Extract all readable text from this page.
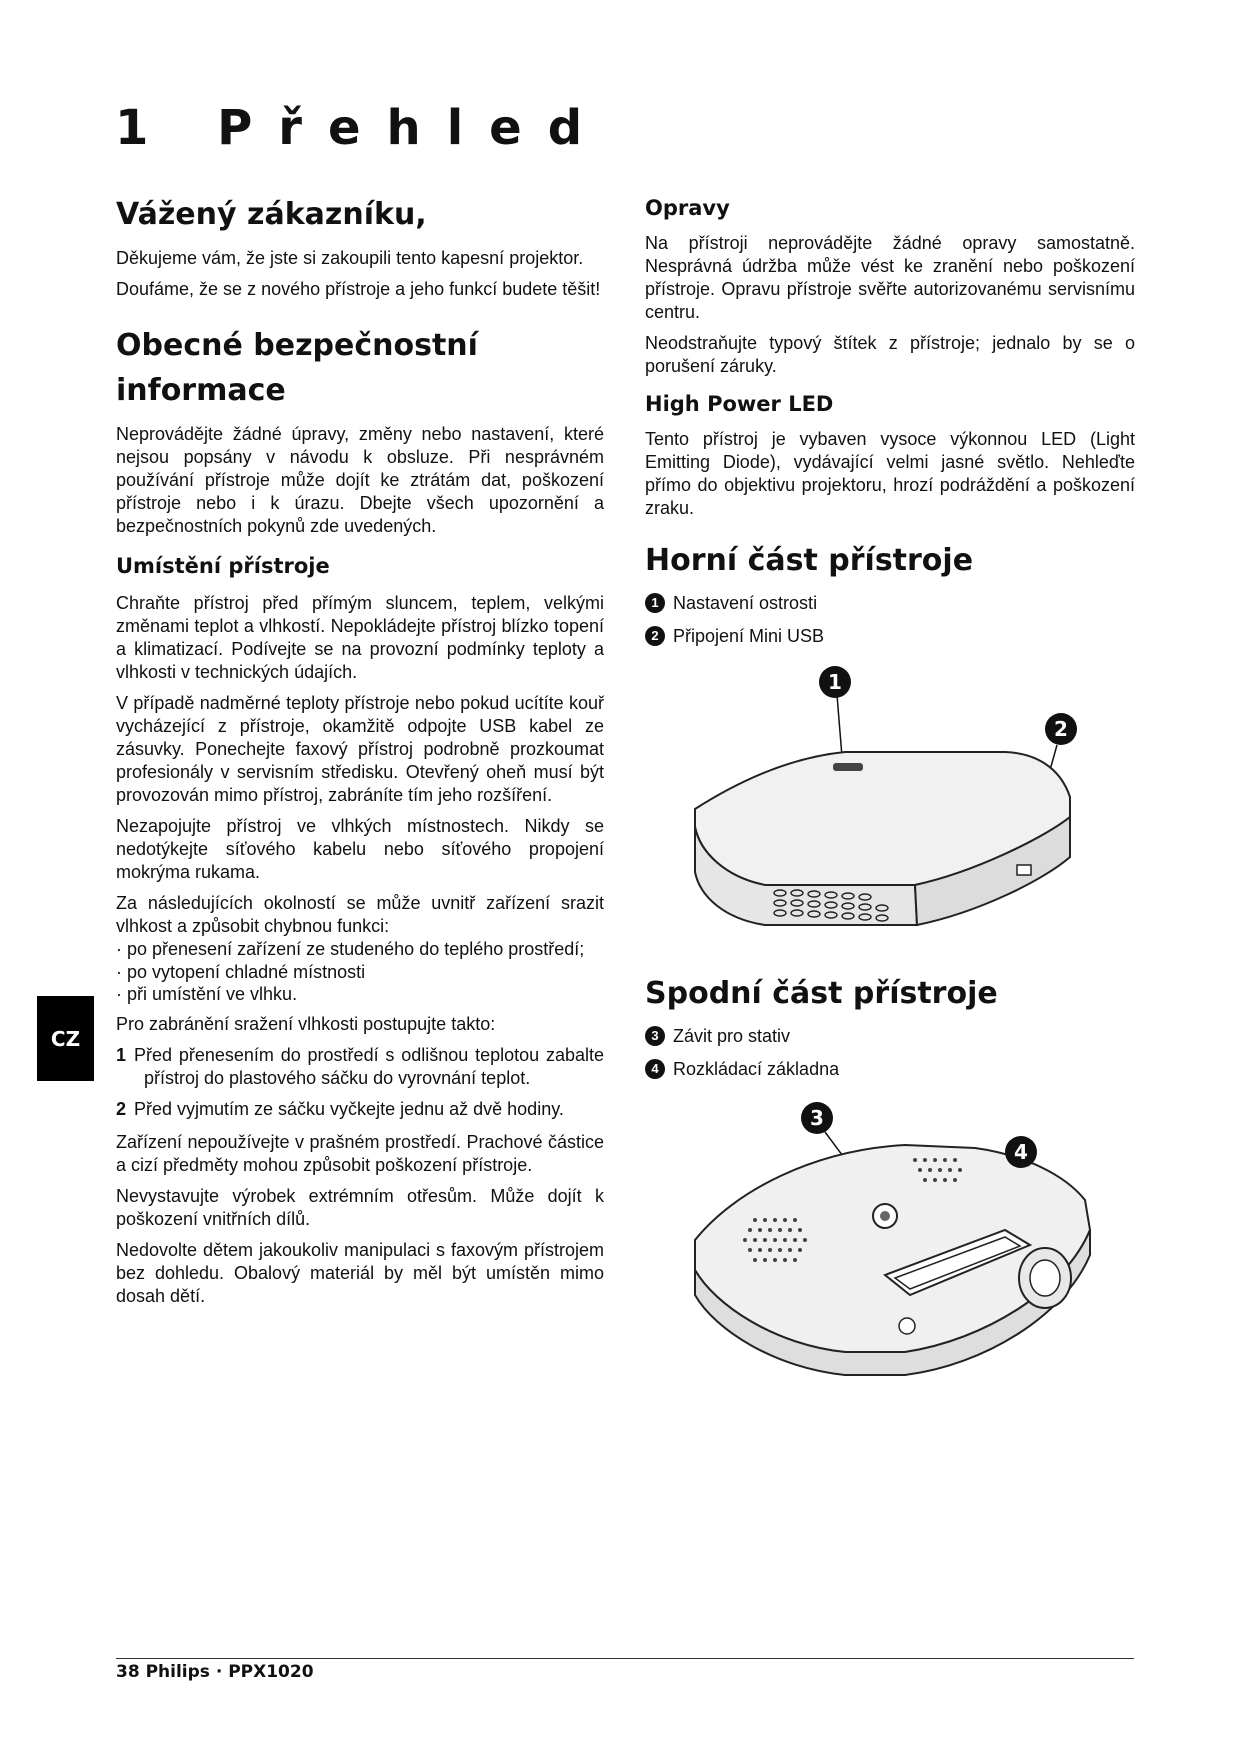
1 Přehled
CZ
Vážený zákazníku,

Děkujeme vám, že jste si zakoupili tento kapesní projektor.

Doufáme, že se z nového přístroje a jeho funkcí budete těšit!

Obecné bezpečnostní informace

Neprovádějte žádné úpravy, změny nebo nastavení, které nejsou popsány v návodu k obsluze. Při nesprávném používání přístroje může dojít ke ztrátám dat, poškození přístroje nebo i k úrazu. Dbejte všech upozornění a bezpečnostních pokynů zde uvedených.

Umístění přístroje

Chraňte přístroj před přímým sluncem, teplem, velkými změnami teplot a vlhkostí. Nepokládejte přístroj blízko topení a klimatizací. Podívejte se na provozní podmínky teploty a vlhkosti v technických údajích.

V případě nadměrné teploty přístroje nebo pokud ucítíte kouř vycházející z přístroje, okamžitě odpojte USB kabel ze zásuvky. Ponechejte faxový přístroj podrobně prozkoumat profesionály v servisním středisku. Otevřený oheň musí být provozován mimo přístroj, zabráníte tím jeho rozšíření.

Nezapojujte přístroj ve vlhkých místnostech. Nikdy se nedotýkejte síťového kabelu nebo síťového propojení mokrýma rukama.

Za následujících okolností se může uvnitř zařízení srazit vlhkost a způsobit chybnou funkci:

· po přenesení zařízení ze studeného do teplého prostředí;

· po vytopení chladné místnosti
· při umístění ve vlhku.

Pro zabránění sražení vlhkosti postupujte takto:

1 Před přenesením do prostředí s odlišnou teplotou zabalte přístroj do plastového sáčku do vyrovnání teplot.
2 Před vyjmutím ze sáčku vyčkejte jednu až dvě hodiny.

Zařízení nepoužívejte v prašném prostředí. Prachové částice a cizí předměty mohou způsobit poškození přístroje.

Nevystavujte výrobek extrémním otřesům. Může dojít k poškození vnitřních dílů.

Nedovolte dětem jakoukoliv manipulaci s faxovým přístrojem bez dohledu. Obalový materiál by měl být umístěn mimo dosah dětí.

Opravy

Na přístroji neprovádějte žádné opravy samostatně. Nesprávná údržba může vést ke zranění nebo poškození přístroje. Opravu přístroje svěřte autorizovanému servisnímu centru.

Neodstraňujte typový štítek z přístroje; jednalo by se o porušení záruky.

High Power LED

Tento přístroj je vybaven vysoce výkonnou LED (Light Emitting Diode), vydávající velmi jasné světlo. Nehleďte přímo do objektivu projektoru, hrozí podráždění a poškození zraku.

Horní část přístroje
1 Nastavení ostrosti
2 Připojení Mini USB
1
2
Spodní část přístroje
3 Závit pro stativ
4 Rozkládací základna
3
4
38 Philips · PPX1020
